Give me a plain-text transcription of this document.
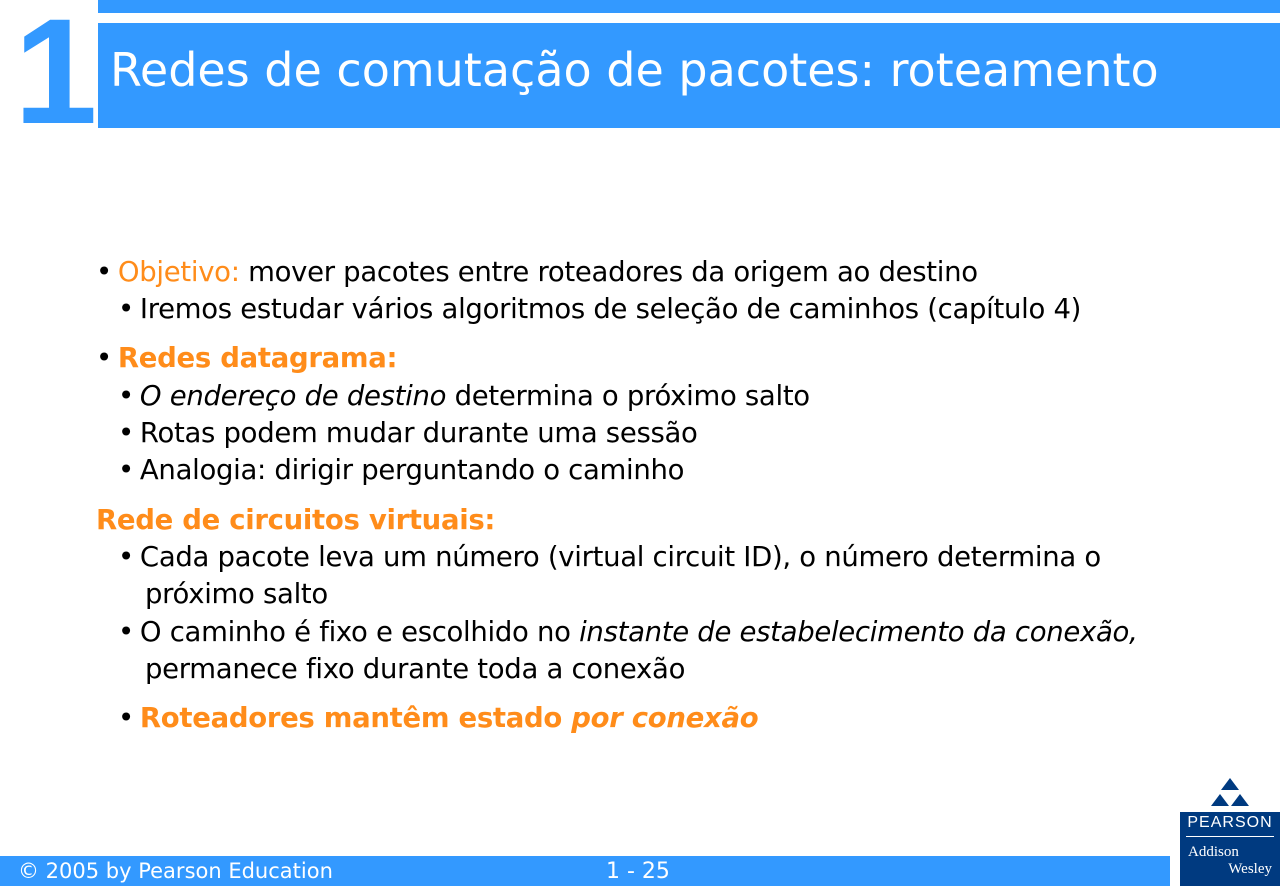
1 Redes de comutação de pacotes: roteamento
• Objetivo: mover pacotes entre roteadores da origem ao destino
• Iremos estudar vários algoritmos de seleção de caminhos (capítulo 4)
• Redes datagrama:
• O endereço de destino determina o próximo salto
• Rotas podem mudar durante uma sessão
• Analogia: dirigir perguntando o caminho
Rede de circuitos virtuais:
• Cada pacote leva um número (virtual circuit ID), o número determina o
próximo salto
• O caminho é fixo e escolhido no instante de estabelecimento da conexão,
permanece fixo durante toda a conexão
• Roteadores mantêm estado por conexão
© 2005 by Pearson Education	1 - 25
PEARSON
Addison
Wesley
